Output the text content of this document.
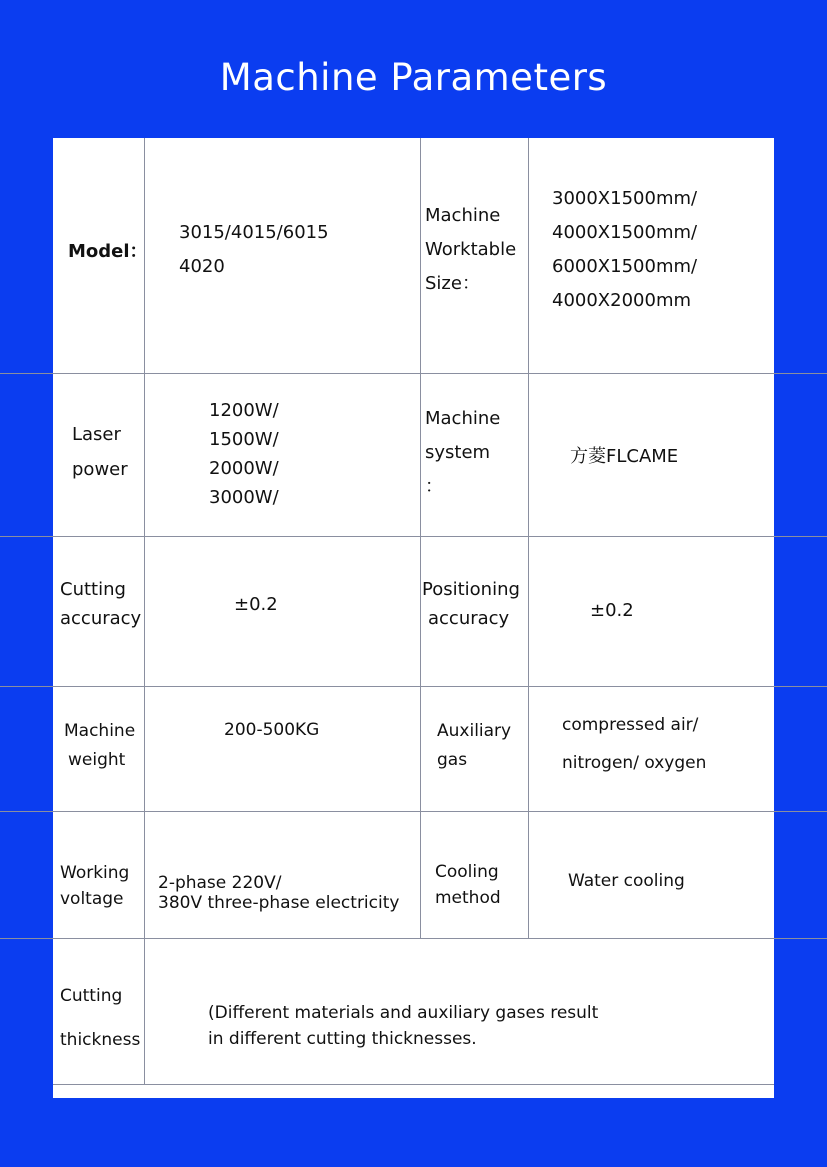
Machine Parameters
Model：
3015/4015/6015
4020
Machine
Worktable
Size：
3000X1500mm/
4000X1500mm/
6000X1500mm/
4000X2000mm
Laser
power
1200W/
1500W/
2000W/
3000W/
Machine
system
：
方菱FLCAME
Cutting
accuracy
±0.2
Positioning
accuracy	±0.2
Machine
weight
200-500KG	Auxiliary
gas
compressed air/
nitrogen/ oxygen
Working
voltage
2-phase 220V/
380V three-phase electricity
Cooling
method
Water cooling
Cutting
thickness
(Different materials and auxiliary gases result
in different cutting thicknesses.
